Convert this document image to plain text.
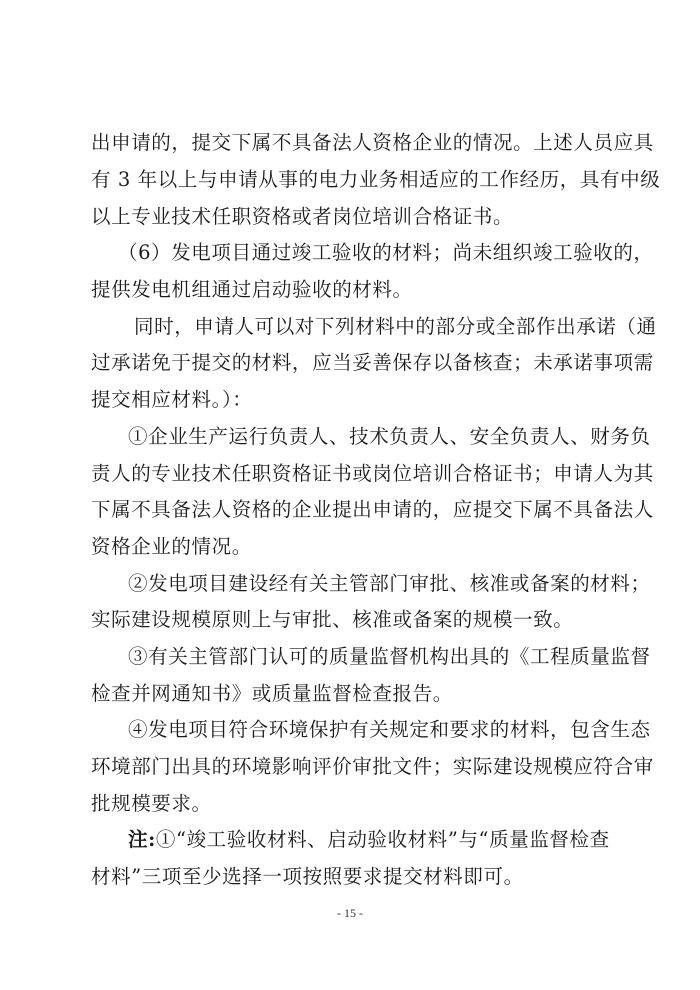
出申请的，提交下属不具备法人资格企业的情况。上述人员应具
有 3 年以上与申请从事的电力业务相适应的工作经历，具有中级
以上专业技术任职资格或者岗位培训合格证书。
（6）发电项目通过竣工验收的材料；尚未组织竣工验收的，
提供发电机组通过启动验收的材料。
同时，申请人可以对下列材料中的部分或全部作出承诺（通
过承诺免于提交的材料，应当妥善保存以备核查；未承诺事项需
提交相应材料。）：
①企业生产运行负责人、技术负责人、安全负责人、财务负
责人的专业技术任职资格证书或岗位培训合格证书；申请人为其
下属不具备法人资格的企业提出申请的，应提交下属不具备法人
资格企业的情况。
②发电项目建设经有关主管部门审批、核准或备案的材料；
实际建设规模原则上与审批、核准或备案的规模一致。
③有关主管部门认可的质量监督机构出具的《工程质量监督
检查并网通知书》或质量监督检查报告。
④发电项目符合环境保护有关规定和要求的材料，包含生态
环境部门出具的环境影响评价审批文件；实际建设规模应符合审
批规模要求。
注:①“竣工验收材料、启动验收材料”与“质量监督检查
材料”三项至少选择一项按照要求提交材料即可。
- 15 -
